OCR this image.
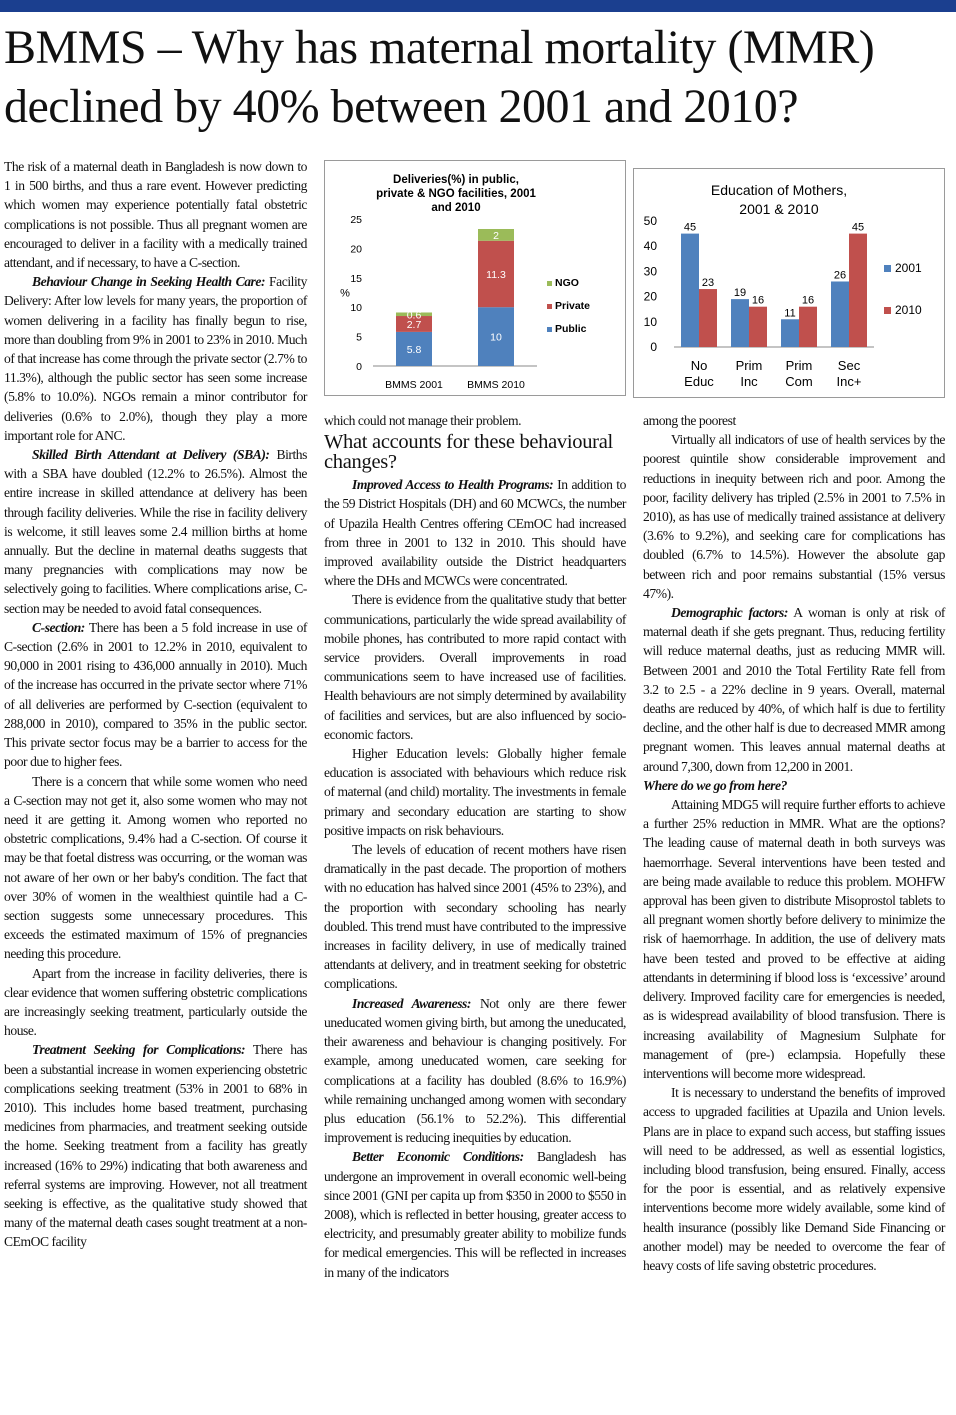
BMMS – Why has maternal mortality (MMR) declined by 40% between 2001 and 2010?

The risk of a maternal death in Bangladesh is now down to 1 in 500 births, and thus a rare event. However predicting which women may experience potentially fatal obstetric complications is not possible. Thus all pregnant women are encouraged to deliver in a facility with a medically trained attendant, and if necessary, to have a C-section.

Behaviour Change in Seeking Health Care: Facility Delivery: After low levels for many years, the proportion of women delivering in a facility has finally begun to rise, more than doubling from 9% in 2001 to 23% in 2010. Much of that increase has come through the private sector (2.7% to 11.3%), although the public sector has seen some increase (5.8% to 10.0%). NGOs remain a minor contributor for deliveries (0.6% to 2.0%), though they play a more important role for ANC.

Skilled Birth Attendant at Delivery (SBA): Births with a SBA have doubled (12.2% to 26.5%). Almost the entire increase in skilled attendance at delivery has been through facility deliveries. While the rise in facility delivery is welcome, it still leaves some 2.4 million births at home annually. But the decline in maternal deaths suggests that many pregnancies with complications may now be selectively going to facilities. Where complications arise, C-section may be needed to avoid fatal consequences.

C-section: There has been a 5 fold increase in use of C-section (2.6% in 2001 to 12.2% in 2010, equivalent to 90,000 in 2001 rising to 436,000 annually in 2010). Much of the increase has occurred in the private sector where 71% of all deliveries are performed by C-section (equivalent to 288,000 in 2010), compared to 35% in the public sector. This private sector focus may be a barrier to access for the poor due to higher fees.

There is a concern that while some women who need a C-section may not get it, also some women who may not need it are getting it. Among women who reported no obstetric complications, 9.4% had a C-section. Of course it may be that foetal distress was occurring, or the woman was not aware of her own or her baby's condition. The fact that over 30% of women in the wealthiest quintile had a C-section suggests some unnecessary procedures. This exceeds the estimated maximum of 15% of pregnancies needing this procedure.

Apart from the increase in facility deliveries, there is clear evidence that women suffering obstetric complications are increasingly seeking treatment, particularly outside the house.

Treatment Seeking for Complications: There has been a substantial increase in women experiencing obstetric complications seeking treatment (53% in 2001 to 68% in 2010). This includes home based treatment, purchasing medicines from pharmacies, and treatment seeking outside the home. Seeking treatment from a facility has greatly increased (16% to 29%) indicating that both awareness and referral systems are improving. However, not all treatment seeking is effective, as the qualitative study showed that many of the maternal death cases sought treatment at a non-CEmOC facility

Deliveries(%) in public,
private & NGO facilities, 2001
and 2010
0
5
10
15
20
25
%
5.8
2.7
0.6
BMMS 2001
10
11.3
2
BMMS 2010
NGO
Private
Public
Education of Mothers,
2001 & 2010
0
10
20
30
40
50 45
23
No
Educ
19
16
Prim
Inc
11
16
Prim
Com
26
45
Sec
Inc+
2001
2010

which could not manage their problem.

What accounts for these behavioural changes?

Improved Access to Health Programs: In addition to the 59 District Hospitals (DH) and 60 MCWCs, the number of Upazila Health Centres offering CEmOC had increased from three in 2001 to 132 in 2010. This should have improved availability outside the District headquarters where the DHs and MCWCs were concentrated.

There is evidence from the qualitative study that better communications, particularly the wide spread availability of mobile phones, has contributed to more rapid contact with service providers. Overall improvements in road communications seem to have increased use of facilities. Health behaviours are not simply determined by availability of facilities and services, but are also influenced by socio-economic factors.

Higher Education levels: Globally higher female education is associated with behaviours which reduce risk of maternal (and child) mortality. The investments in female primary and secondary education are starting to show positive impacts on risk behaviours.

The levels of education of recent mothers have risen dramatically in the past decade. The proportion of mothers with no education has halved since 2001 (45% to 23%), and the proportion with secondary schooling has nearly doubled. This trend must have contributed to the impressive increases in facility delivery, in use of medically trained attendants at delivery, and in treatment seeking for obstetric complications.

Increased Awareness: Not only are there fewer uneducated women giving birth, but among the uneducated, their awareness and behaviour is changing positively. For example, among uneducated women, care seeking for complications at a facility has doubled (8.6% to 16.9%) while remaining unchanged among women with secondary plus education (56.1% to 52.2%). This differential improvement is reducing inequities by education.

Better Economic Conditions: Bangladesh has undergone an improvement in overall economic well-being since 2001 (GNI per capita up from $350 in 2000 to $550 in 2008), which is reflected in better housing, greater access to electricity, and presumably greater ability to mobilize funds for medical emergencies. This will be reflected in increases in many of the indicators

among the poorest

Virtually all indicators of use of health services by the poorest quintile show considerable improvement and reductions in inequity between rich and poor. Among the poor, facility delivery has tripled (2.5% in 2001 to 7.5% in 2010), as has use of medically trained assistance at delivery (3.6% to 9.2%), and seeking care for complications has doubled (6.7% to 14.5%). However the absolute gap between rich and poor remains substantial (15% versus 47%).

Demographic factors: A woman is only at risk of maternal death if she gets pregnant. Thus, reducing fertility will reduce maternal deaths, just as reducing MMR will. Between 2001 and 2010 the Total Fertility Rate fell from 3.2 to 2.5 - a 22% decline in 9 years. Overall, maternal deaths are reduced by 40%, of which half is due to fertility decline, and the other half is due to decreased MMR among pregnant women. This leaves annual maternal deaths at around 7,300, down from 12,200 in 2001.

Where do we go from here?

Attaining MDG5 will require further efforts to achieve a further 25% reduction in MMR. What are the options? The leading cause of maternal death in both surveys was haemorrhage. Several interventions have been tested and are being made available to reduce this problem. MOHFW approval has been given to distribute Misoprostol tablets to all pregnant women shortly before delivery to minimize the risk of haemorrhage. In addition, the use of delivery mats have been tested and proved to be effective at aiding attendants in determining if blood loss is ‘excessive’ around delivery. Improved facility care for emergencies is needed, as is widespread availability of blood transfusion. There is increasing availability of Magnesium Sulphate for management of (pre-) eclampsia. Hopefully these interventions will become more widespread.

It is necessary to understand the benefits of improved access to upgraded facilities at Upazila and Union levels. Plans are in place to expand such access, but staffing issues will need to be addressed, as well as essential logistics, including blood transfusion, being ensured. Finally, access for the poor is essential, and as relatively expensive interventions become more widely available, some kind of health insurance (possibly like Demand Side Financing or another model) may be needed to overcome the fear of heavy costs of life saving obstetric procedures.
